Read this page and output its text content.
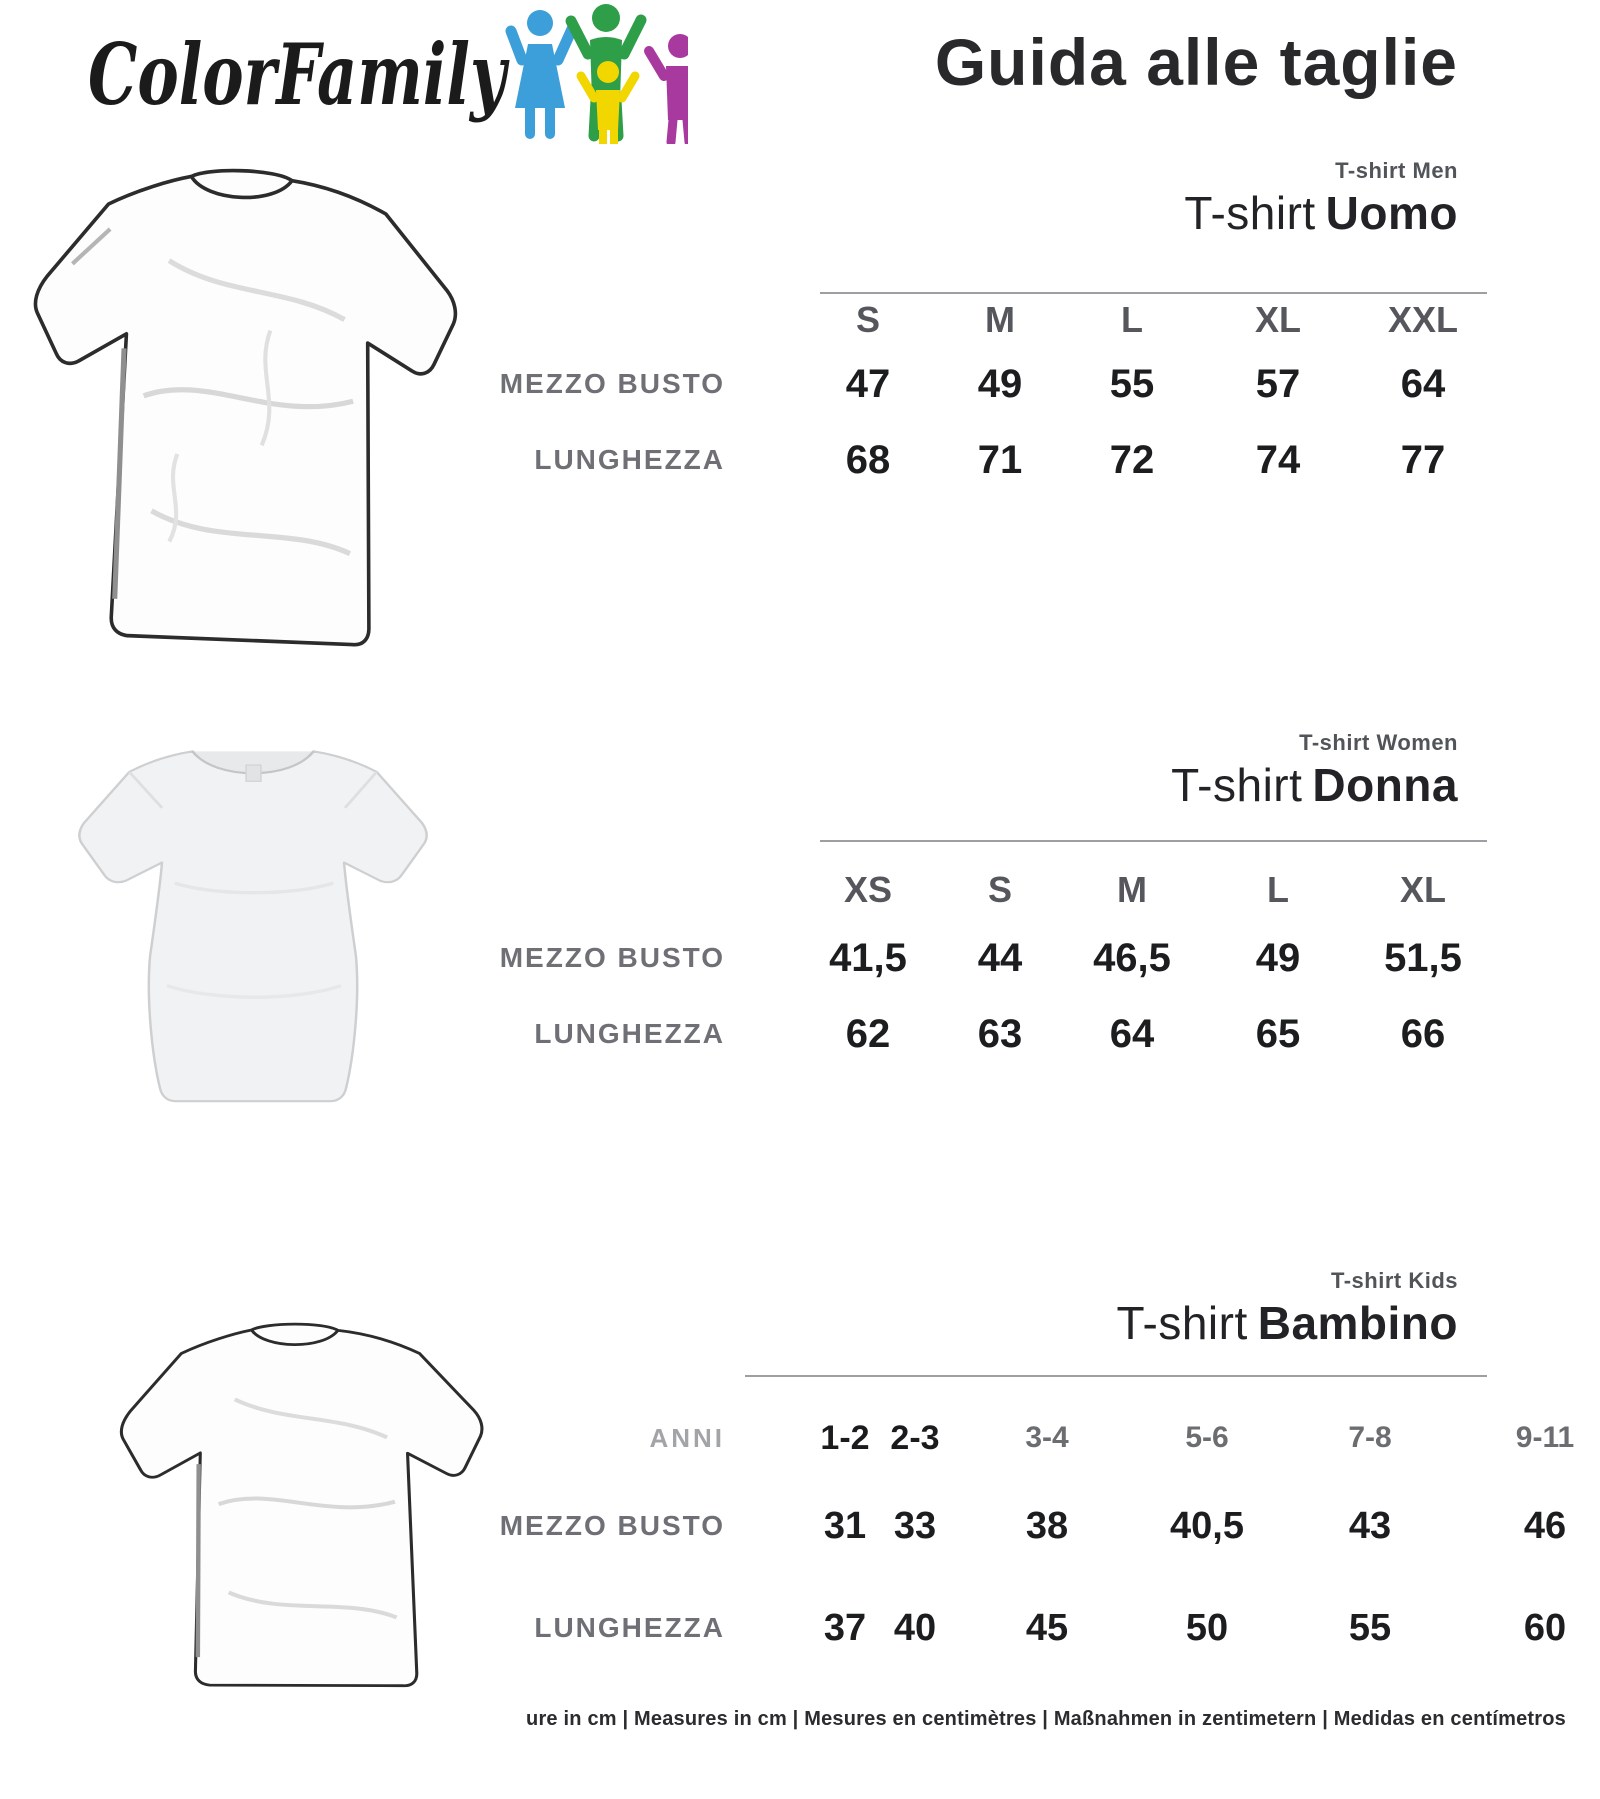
ColorFamily	Guida alle taglie
T-shirt Men
T-shirt Uomo
S	M	L	XL	XXL
MEZZO BUSTO	47	49	55	57	64
LUNGHEZZA	68	71	72	74	77
T-shirt Women
T-shirt Donna
XS	S	M	L	XL
MEZZO BUSTO	41,5	44	46,5	49	51,5
LUNGHEZZA	62	63	64	65	66
T-shirt Kids
T-shirt Bambino
ANNI	1-2 2-3	3-4	5-6	7-8	9-11
MEZZO BUSTO	31 33	38	40,5	43	46
LUNGHEZZA	37 40	45	50	55	60
ure in cm | Measures in cm | Mesures en centimètres | Maßnahmen in zentimetern | Medidas en centímetros
